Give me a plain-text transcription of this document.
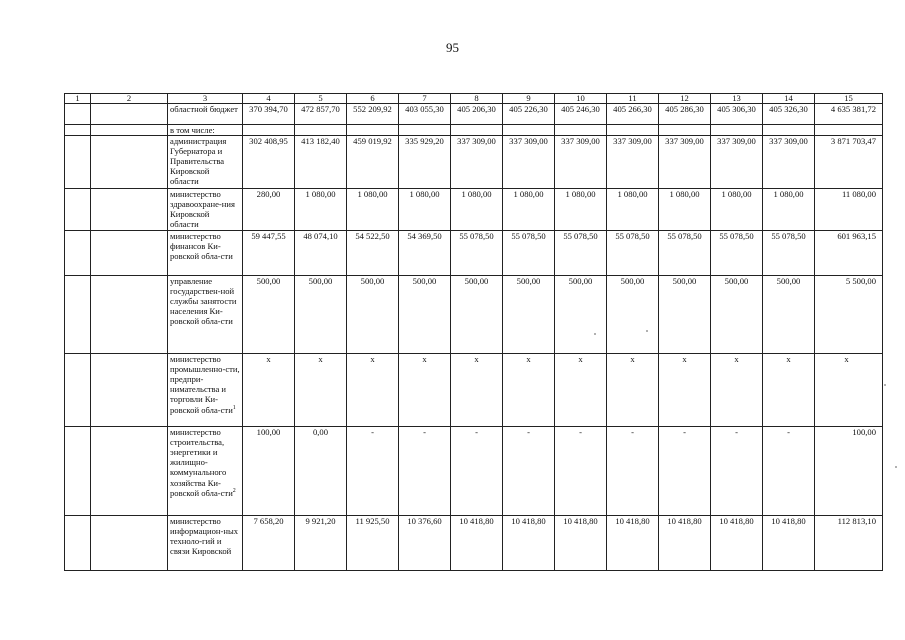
95
1	2	3	4	5	6	7	8	9	10	11	12	13	14	15
		областной бюджет	370 394,70	472 857,70	552 209,92	403 055,30	405 206,30	405 226,30	405 246,30	405 266,30	405 286,30	405 306,30	405 326,30	4 635 381,72
		в том числе:												
		администрация Губернатора и Правительства Кировской области	302 408,95	413 182,40	459 019,92	335 929,20	337 309,00	337 309,00	337 309,00	337 309,00	337 309,00	337 309,00	337 309,00	3 871 703,47
		министерство здравоохране-ния Кировской области	280,00	1 080,00	1 080,00	1 080,00	1 080,00	1 080,00	1 080,00	1 080,00	1 080,00	1 080,00	1 080,00	11 080,00
		министерство финансов Ки-ровской обла-сти	59 447,55	48 074,10	54 522,50	54 369,50	55 078,50	55 078,50	55 078,50	55 078,50	55 078,50	55 078,50	55 078,50	601 963,15
		управление государствен-ной службы занятости населения Ки-ровской обла-сти	500,00	500,00	500,00	500,00	500,00	500,00	500,00	500,00	500,00	500,00	500,00	5 500,00
		министерство промышленно-сти, предпри-нимательства и торговли Ки-ровской обла-сти$^1$	х	х	х	х	х	х	х	х	х	х	х	х
		министерство строительства, энергетики и жилищно-коммунального хозяйства Ки-ровской обла-сти$^2$	100,00	0,00	-	-	-	-	-	-	-	-	-	100,00
		министерство информацион-ных техноло-гий и связи Кировской	7 658,20	9 921,20	11 925,50	10 376,60	10 418,80	10 418,80	10 418,80	10 418,80	10 418,80	10 418,80	10 418,80	112 813,10
